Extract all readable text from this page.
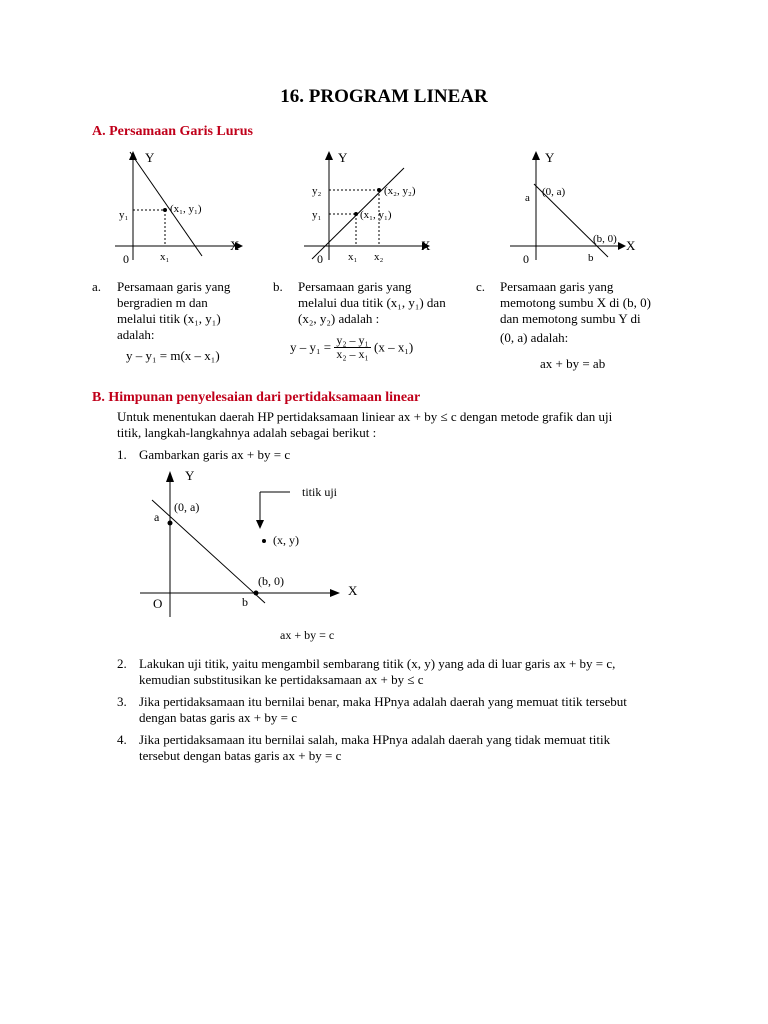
16. PROGRAM LINEAR
A. Persamaan Garis Lurus
Y
X
0
(x₁, y₁)
y₁
x₁
Y
X
0
(x₂, y₂)
(x₁, y₁)
y₂
y₁
x₁ x₂
Y
X
0
a (0, a)
(b, 0)
b
a. Persamaan garis yang
bergradien m dan
melalui titik (x₁, y₁)
adalah:
y – y₁ = m(x – x₁)
b. Persamaan garis yang
melalui dua titik (x₁, y₁) dan
(x₂, y₂) adalah :
$y - y_1 = \frac{\text{y₂ – y₁}}{\text{x₂ – x₁}} (x - x_1)$
c. Persamaan garis yang
memotong sumbu X di (b, 0)
dan memotong sumbu Y di
(0, a) adalah:
ax + by = ab
B. Himpunan penyelesaian dari pertidaksamaan linear
Untuk menentukan daerah HP pertidaksamaan liniear ax + by ≤ c dengan metode grafik dan uji
titik, langkah-langkahnya adalah sebagai berikut :
1. Gambarkan garis ax + by = c
Y
X
O
a
(0, a)
(b, 0)
b
titik uji
(x, y)
ax + by = c
2. Lakukan uji titik, yaitu mengambil sembarang titik (x, y) yang ada di luar garis ax + by = c,
kemudian substitusikan ke pertidaksamaan ax + by ≤ c
3. Jika pertidaksamaan itu bernilai benar, maka HPnya adalah daerah yang memuat titik tersebut
dengan batas garis ax + by = c
4. Jika pertidaksamaan itu bernilai salah, maka HPnya adalah daerah yang tidak memuat titik
tersebut dengan batas garis ax + by = c
